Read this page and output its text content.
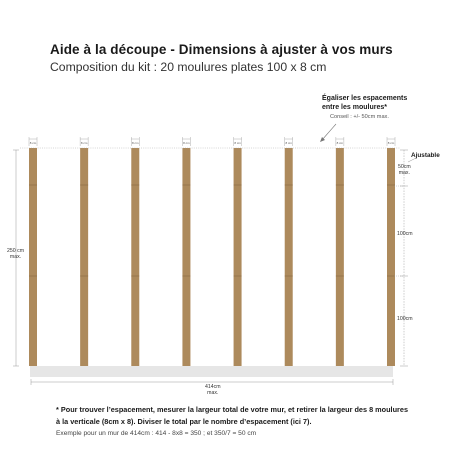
Aide à la découpe - Dimensions à ajuster à vos murs
Composition du kit : 20 moulures plates 100 x 8 cm
8 cm	8 cm	8 cm	8 cm	8 cm	8 cm	8 cm	8 cm
Égaliser les espacements
entre les moulures*
Conseil : +/- 50cm max.
Ajustable
50cm
max.
100cm
100cm
250 cm
max.
414cm
max.
* Pour trouver l’espacement, mesurer la largeur total de votre mur, et retirer la largeur des 8 moulures
à la verticale (8cm x 8). Diviser le total par le nombre d’espacement (ici 7).
Exemple pour un mur de 414cm : 414 - 8x8 = 350 ; et 350/7 = 50 cm
